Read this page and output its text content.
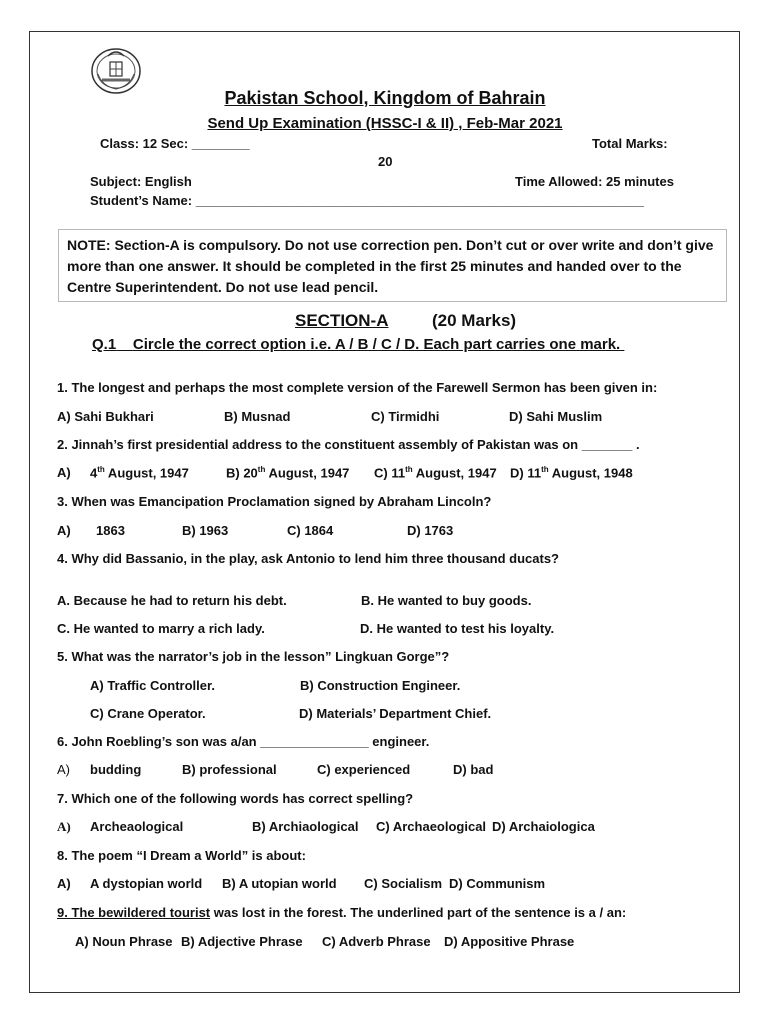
Pakistan School, Kingdom of Bahrain
Send Up Examination (HSSC-I & II) , Feb-Mar 2021
Class: 12 Sec: ________	Total Marks:
20
Subject: English	Time Allowed: 25 minutes
Student’s Name: ______________________________________________________________
NOTE: Section-A is compulsory. Do not use correction pen. Don’t cut or over write and don’t give more than one answer. It should be completed in the first 25 minutes and handed over to the Centre Superintendent. Do not use lead pencil.
SECTION-A	(20 Marks)
Q.1 Circle the correct option i.e. A / B / C / D. Each part carries one mark.
1. The longest and perhaps the most complete version of the Farewell Sermon has been given in:
A) Sahi Bukhari	B) Musnad	C) Tirmidhi	D) Sahi Muslim
2. Jinnah’s first presidential address to the constituent assembly of Pakistan was on _______ .
A) 4th August, 1947	B) 20th August, 1947 C) 11th August, 1947 D) 11th August, 1948
3. When was Emancipation Proclamation signed by Abraham Lincoln?
A) 1863	B) 1963	C) 1864	D) 1763
4. Why did Bassanio, in the play, ask Antonio to lend him three thousand ducats?
A. Because he had to return his debt.	B. He wanted to buy goods.
C. He wanted to marry a rich lady.	D. He wanted to test his loyalty.
5. What was the narrator’s job in the lesson” Lingkuan Gorge”?
A) Traffic Controller.	B) Construction Engineer.
C) Crane Operator.	D) Materials’ Department Chief.
6. John Roebling’s son was a/an _______________ engineer.
A) budding	B) professional	C) experienced	D) bad
7. Which one of the following words has correct spelling?
A) Archeaological	B) Archiaological C) Archaeological D) Archaiologica
8. The poem “I Dream a World” is about:
A) A dystopian world B) A utopian world C) Socialism D) Communism
9. The bewildered tourist was lost in the forest. The underlined part of the sentence is a / an:
A) Noun Phrase B) Adjective Phrase C) Adverb Phrase D) Appositive Phrase
